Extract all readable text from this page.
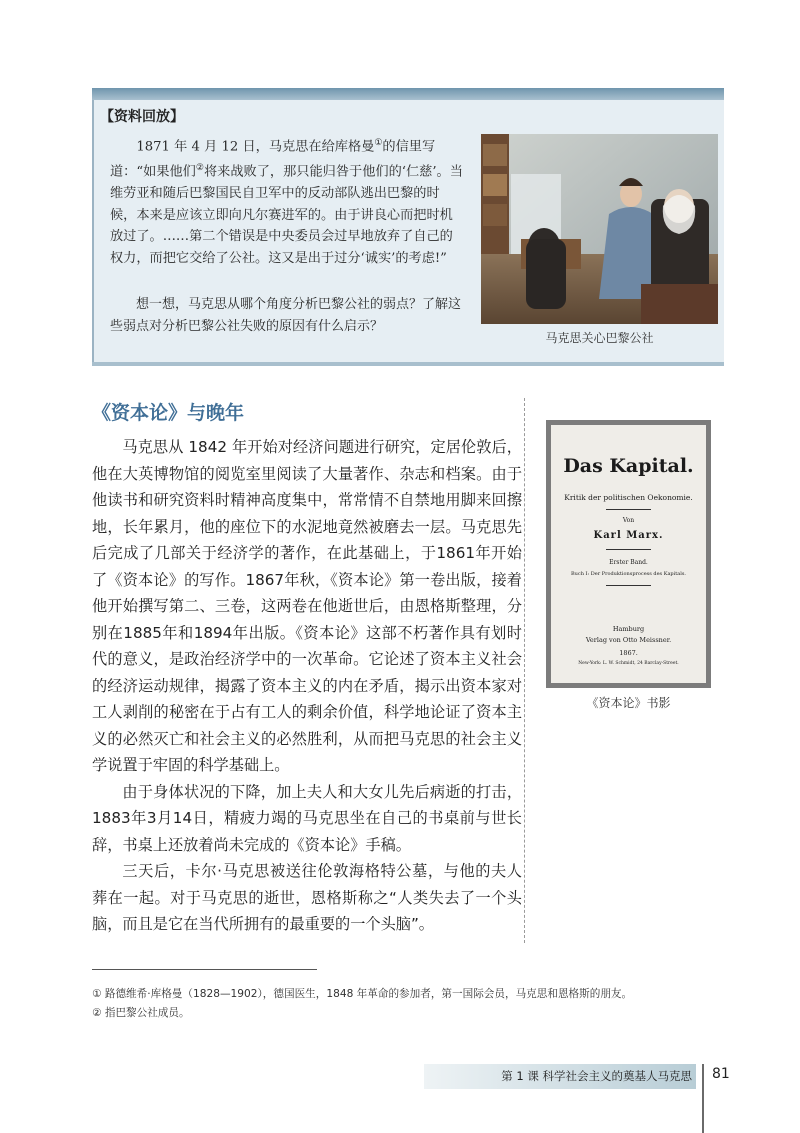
【资料回放】

1871 年 4 月 12 日，马克思在给库格曼①的信里写道：“如果他们②将来战败了，那只能归咎于他们的‘仁慈’。当维劳亚和随后巴黎国民自卫军中的反动部队逃出巴黎的时候，本来是应该立即向凡尔赛进军的。由于讲良心而把时机放过了。……第二个错误是中央委员会过早地放弃了自己的权力，而把它交给了公社。这又是出于过分‘诚实’的考虑!”

想一想，马克思从哪个角度分析巴黎公社的弱点？了解这些弱点对分析巴黎公社失败的原因有什么启示？

马克思关心巴黎公社
《资本论》与晚年

马克思从 1842 年开始对经济问题进行研究，定居伦敦后，他在大英博物馆的阅览室里阅读了大量著作、杂志和档案。由于他读书和研究资料时精神高度集中，常常情不自禁地用脚来回擦地，长年累月，他的座位下的水泥地竟然被磨去一层。马克思先后完成了几部关于经济学的著作，在此基础上，于1861年开始了《资本论》的写作。1867年秋，《资本论》第一卷出版，接着他开始撰写第二、三卷，这两卷在他逝世后，由恩格斯整理，分别在1885年和1894年出版。《资本论》这部不朽著作具有划时代的意义，是政治经济学中的一次革命。它论述了资本主义社会的经济运动规律，揭露了资本主义的内在矛盾，揭示出资本家对工人剥削的秘密在于占有工人的剩余价值，科学地论证了资本主义的必然灭亡和社会主义的必然胜利，从而把马克思的社会主义学说置于牢固的科学基础上。

由于身体状况的下降，加上夫人和大女儿先后病逝的打击，1883年3月14日，精疲力竭的马克思坐在自己的书桌前与世长辞，书桌上还放着尚未完成的《资本论》手稿。

三天后，卡尔·马克思被送往伦敦海格特公墓，与他的夫人葬在一起。对于马克思的逝世，恩格斯称之“人类失去了一个头脑，而且是它在当代所拥有的最重要的一个头脑”。

Das Kapital.
Kritik der politischen Oekonomie.
Von
Karl Marx.
Erster Band.
Buch I: Der Produktionsprocess des Kapitals.
Hamburg
Verlag von Otto Meissner.
1867.
New-York: L. W. Schmidt, 24 Barclay-Street.
《资本论》书影
① 路德维希·库格曼（1828—1902），德国医生，1848 年革命的参加者，第一国际会员，马克思和恩格斯的朋友。
② 指巴黎公社成员。
第 1 课 科学社会主义的奠基人马克思 81
